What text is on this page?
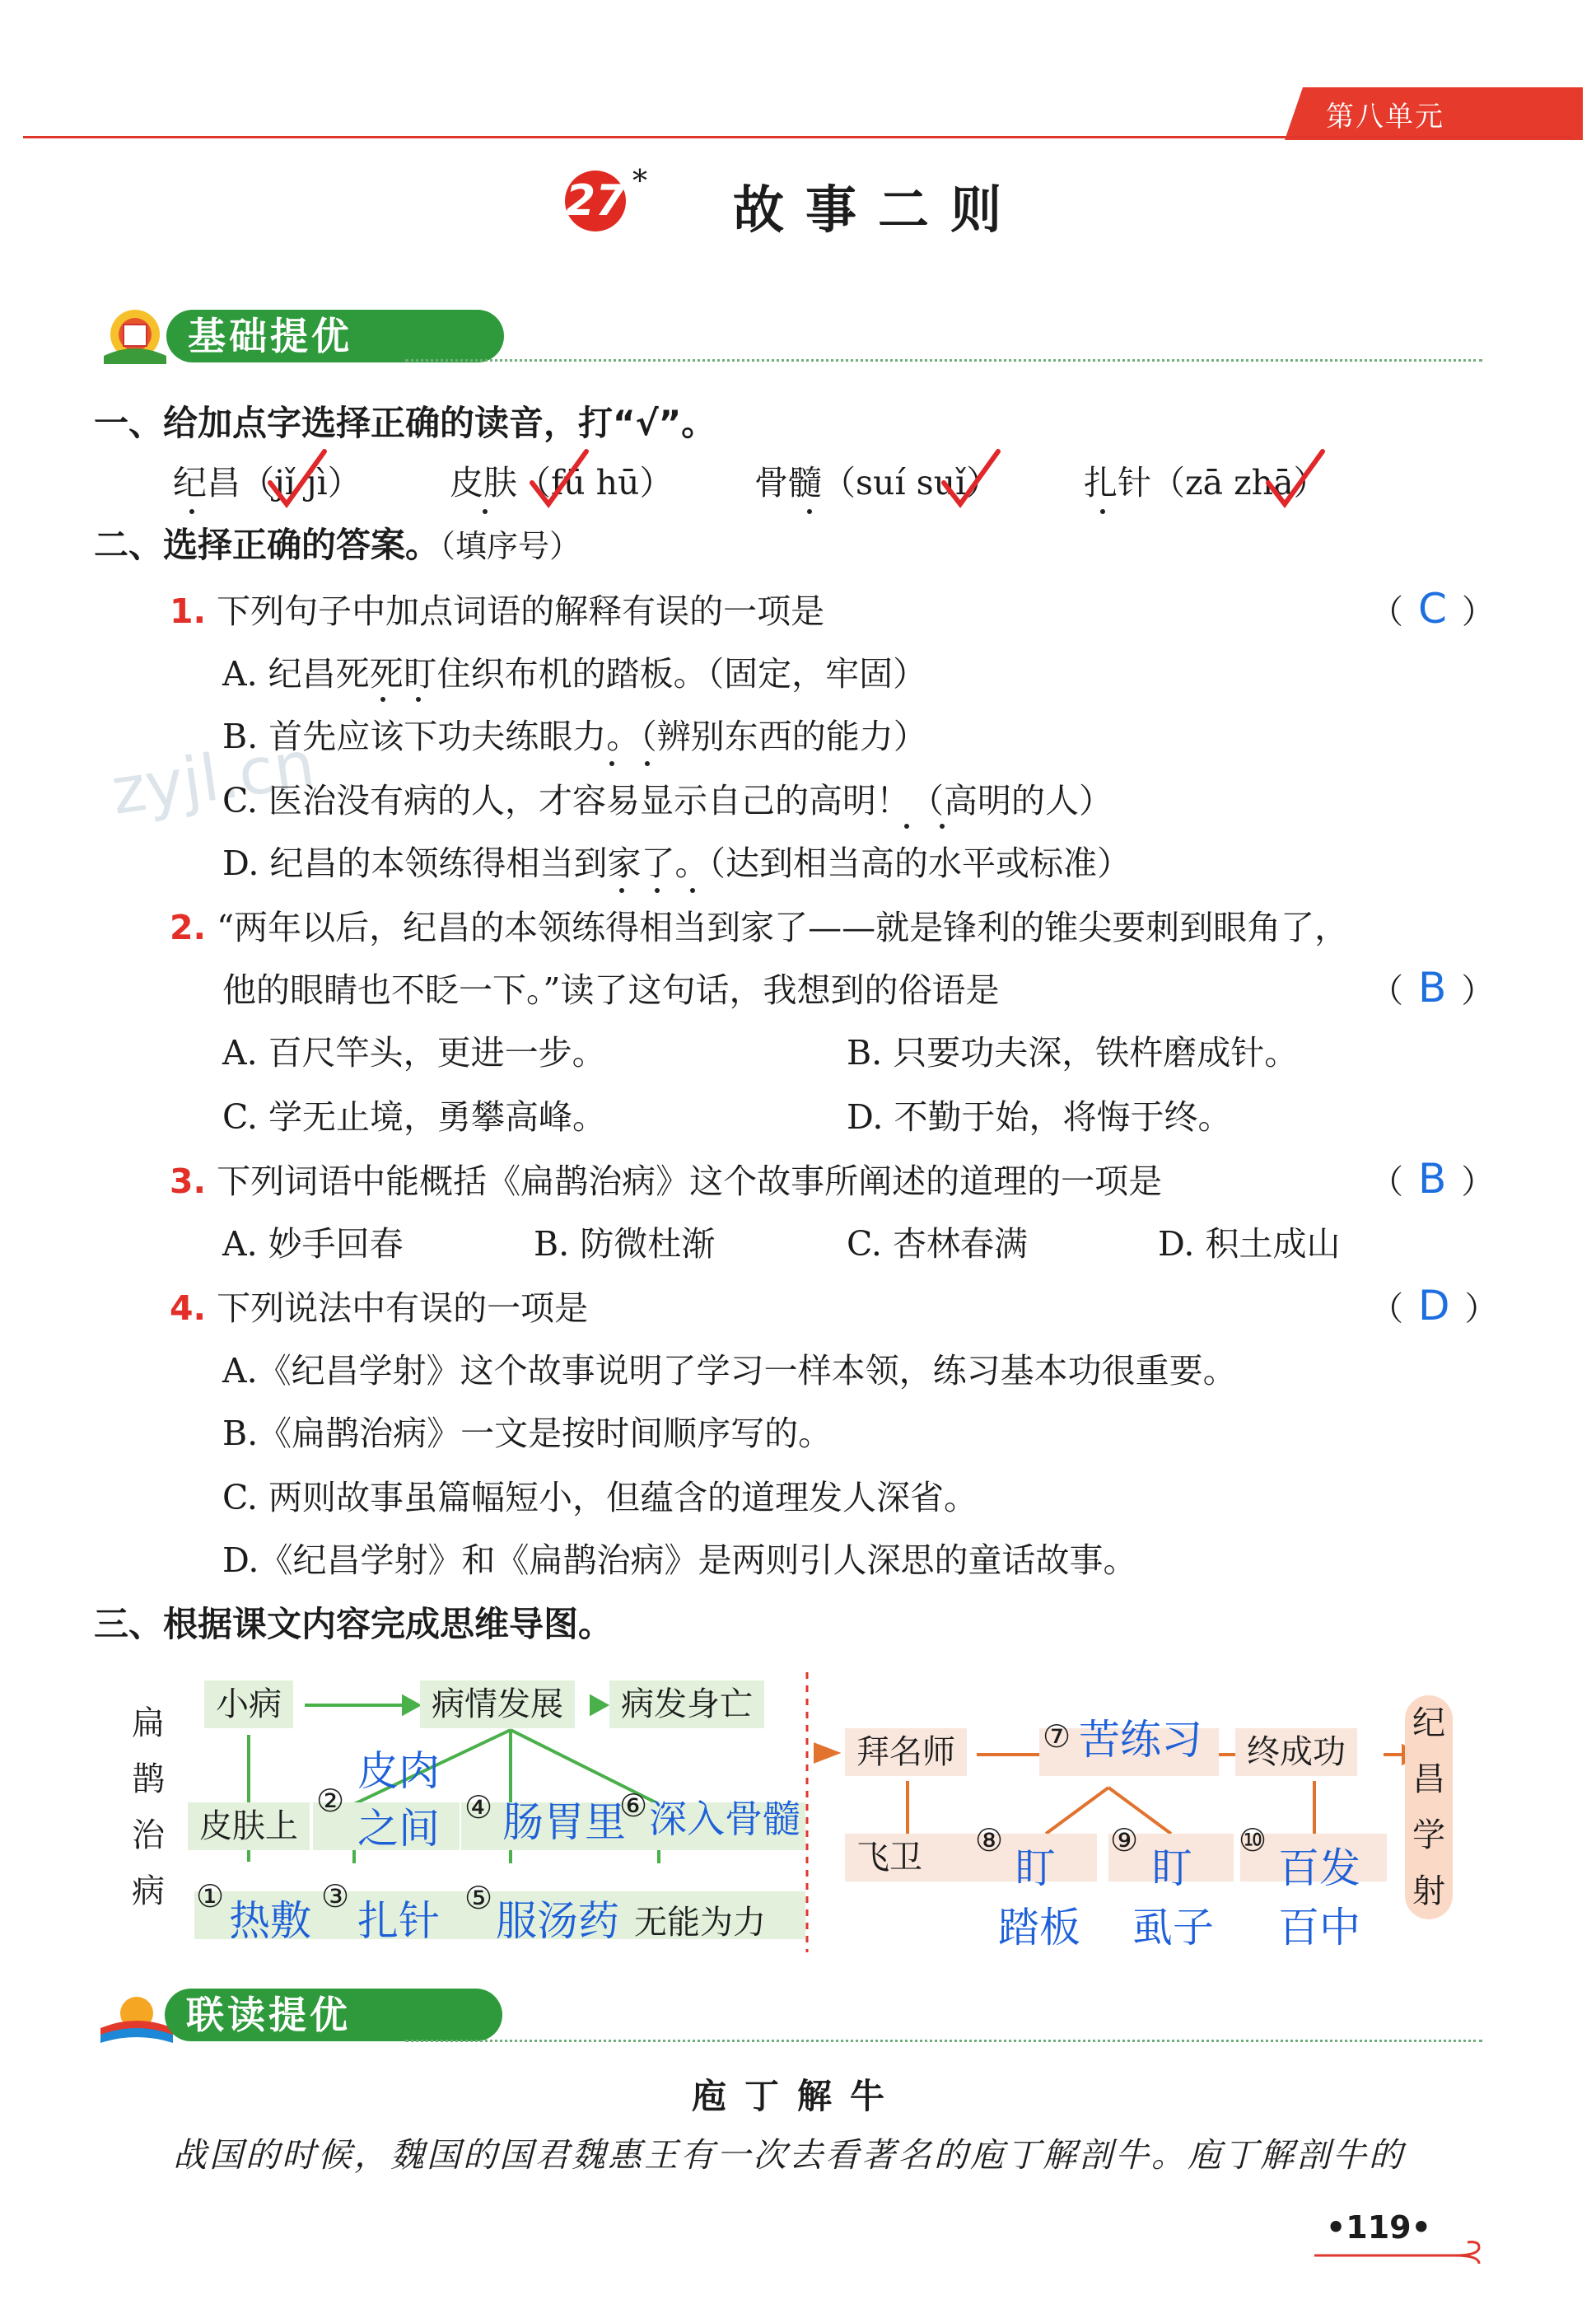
第八单元
27 * 故事二则
zyjl.cn
基础提优
一、给加点字选择正确的读音，打“√”。
纪昌（jǐ jì）	皮肤（fū hū） 骨髓（suí suǐ） 扎针（zā zhā）
二、选择正确的答案。（填序号）
1. 下列句子中加点词语的解释有误的一项是	（ C ）
A. 纪昌死死盯住织布机的踏板。（固定，牢固）
B. 首先应该下功夫练眼力。（辨别东西的能力）
C. 医治没有病的人，才容易显示自己的高明！（高明的人）
D. 纪昌的本领练得相当到家了。（达到相当高的水平或标准）
2. “两年以后，纪昌的本领练得相当到家了——就是锋利的锥尖要刺到眼角了，
他的眼睛也不眨一下。”读了这句话，我想到的俗语是	（ B ）
A. 百尺竿头，更进一步。	B. 只要功夫深，铁杵磨成针。
C. 学无止境，勇攀高峰。	D. 不勤于始，将悔于终。
3. 下列词语中能概括《扁鹊治病》这个故事所阐述的道理的一项是	（ B ）
A. 妙手回春	B. 防微杜渐	C. 杏林春满	D. 积土成山
4. 下列说法中有误的一项是	（ D ）
A.《纪昌学射》这个故事说明了学习一样本领，练习基本功很重要。
B.《扁鹊治病》一文是按时间顺序写的。
C. 两则故事虽篇幅短小，但蕴含的道理发人深省。
D.《纪昌学射》和《扁鹊治病》是两则引人深思的童话故事。
三、根据课文内容完成思维导图。
扁
鹊
治
病
小病	病情发展	病发身亡
皮肤上
②
皮肉
之间 ④ 肠胃里
⑥ 深入骨髓
①
热敷
③
扎针 ⑤ 服汤药 无能为力
拜名师	⑦ 苦练习	终成功
飞卫	⑧
盯
踏板
⑨
盯
虱子
⑩
百发
百中
纪
昌
学
射
联读提优
庖丁解牛
战国的时候，魏国的国君魏惠王有一次去看著名的庖丁解剖牛。庖丁解剖牛的
•119•
